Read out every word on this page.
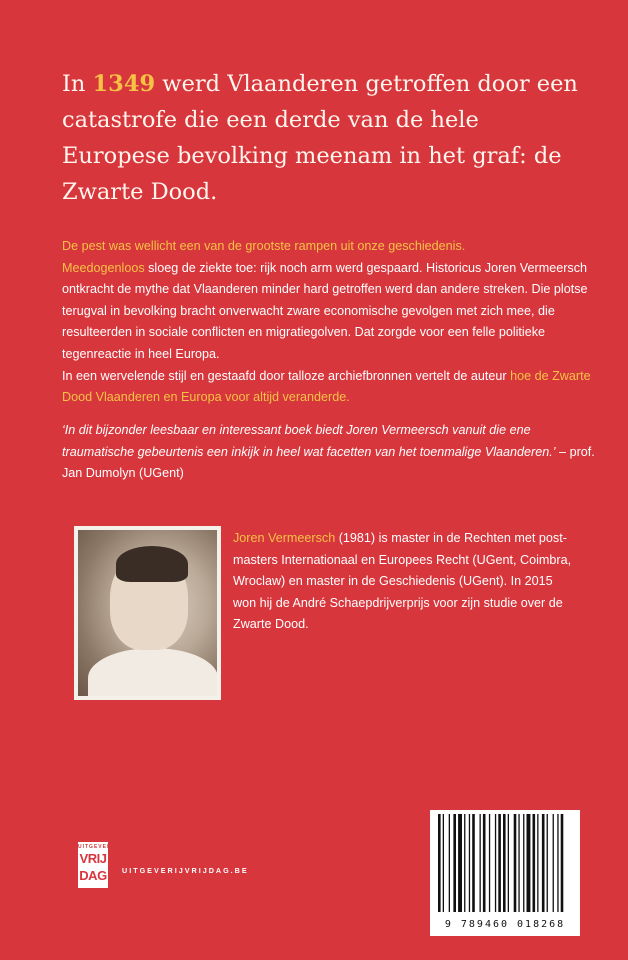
In 1349 werd Vlaanderen getroffen door een catastrofe die een derde van de hele Europese bevolking meenam in het graf: de Zwarte Dood.

De pest was wellicht een van de grootste rampen uit onze geschiedenis.
Meedogenloos sloeg de ziekte toe: rijk noch arm werd gespaard. Historicus Joren Vermeersch ontkracht de mythe dat Vlaanderen minder hard getroffen werd dan andere streken. Die plotse terugval in bevolking bracht onverwacht zware economische gevolgen met zich mee, die resulteerden in sociale conflicten en migratiegolven. Dat zorgde voor een felle politieke tegenreactie in heel Europa.
In een wervelende stijl en gestaafd door talloze archiefbronnen vertelt de auteur hoe de Zwarte Dood Vlaanderen en Europa voor altijd veranderde.

‘In dit bijzonder leesbaar en interessant boek biedt Joren Vermeersch vanuit die ene traumatische gebeurtenis een inkijk in heel wat facetten van het toenmalige Vlaanderen.’ – prof. Jan Dumolyn (UGent)

Joren Vermeersch (1981) is master in de Rechten met post-masters Internationaal en Europees Recht (UGent, Coimbra, Wroclaw) en master in de Geschiedenis (UGent). In 2015 won hij de André Schaepdrijverprijs voor zijn studie over de Zwarte Dood.

UITGEVERIJ
VRIJ
DAG UITGEVERIJVRIJDAG.BE
9 789460 018268
